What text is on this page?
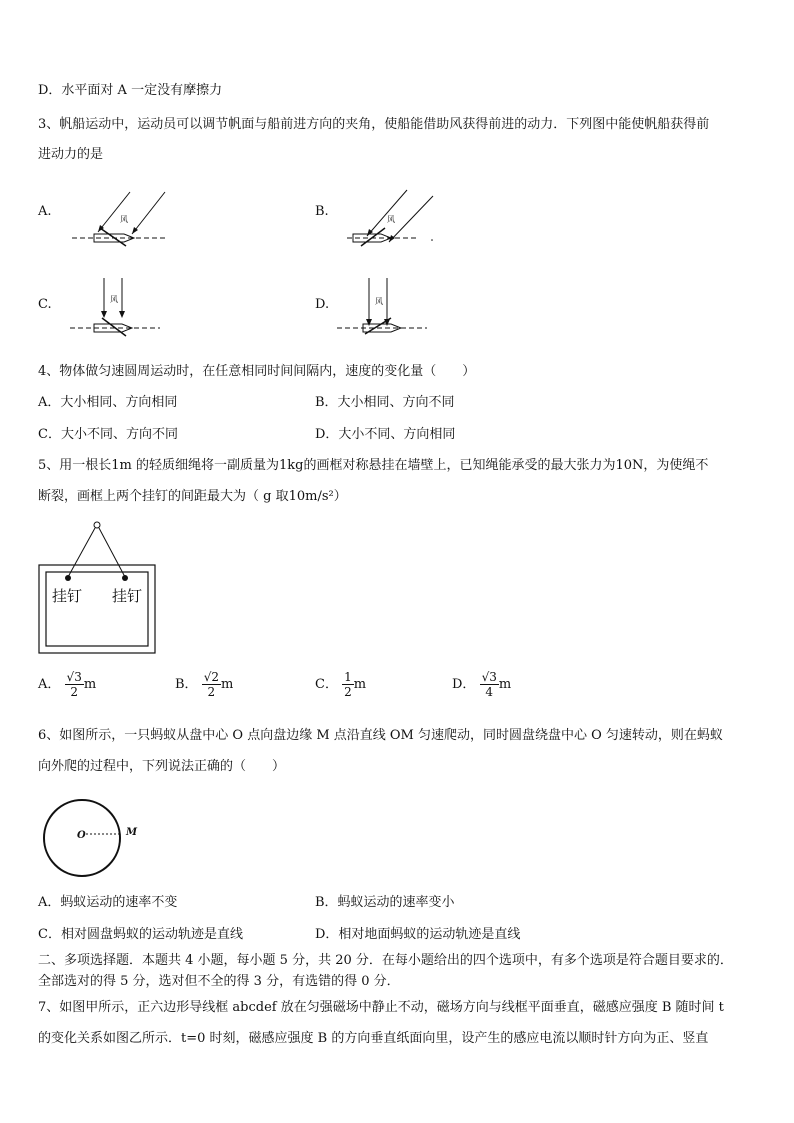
D．水平面对 A 一定没有摩擦力
3、帆船运动中，运动员可以调节帆面与船前进方向的夹角，使船能借助风获得前进的动力．下列图中能使帆船获得前
进动力的是
A.
风
B.
风
C.	风	D.	风
4、物体做匀速圆周运动时，在任意相同时间间隔内，速度的变化量（　　）
A．大小相同、方向相同	B．大小相同、方向不同
C．大小不同、方向不同	D．大小不同、方向相同
5、用一根长1m 的轻质细绳将一副质量为1kg的画框对称悬挂在墙壁上，已知绳能承受的最大张力为10N，为使绳不
断裂，画框上两个挂钉的间距最大为（ g 取10m/s²）
挂钉 挂钉
A． $\frac{√3}{2}$ m	B． $\frac{√2}{2}$ m	C． $\frac{1}{2}$ m	D． $\frac{√3}{4}$ m
6、如图所示，一只蚂蚁从盘中心 O 点向盘边缘 M 点沿直线 OM 匀速爬动，同时圆盘绕盘中心 O 匀速转动，则在蚂蚁
向外爬的过程中，下列说法正确的（　　）
O	M
A．蚂蚁运动的速率不变	B．蚂蚁运动的速率变小
C．相对圆盘蚂蚁的运动轨迹是直线	D．相对地面蚂蚁的运动轨迹是直线
二、多项选择题．本题共 4 小题，每小题 5 分，共 20 分．在每小题给出的四个选项中，有多个选项是符合题目要求的．
全部选对的得 5 分，选对但不全的得 3 分，有选错的得 0 分．
7、如图甲所示，正六边形导线框 abcdef 放在匀强磁场中静止不动，磁场方向与线框平面垂直，磁感应强度 B 随时间 t
的变化关系如图乙所示．t=0 时刻，磁感应强度 B 的方向垂直纸面向里，设产生的感应电流以顺时针方向为正、竖直
